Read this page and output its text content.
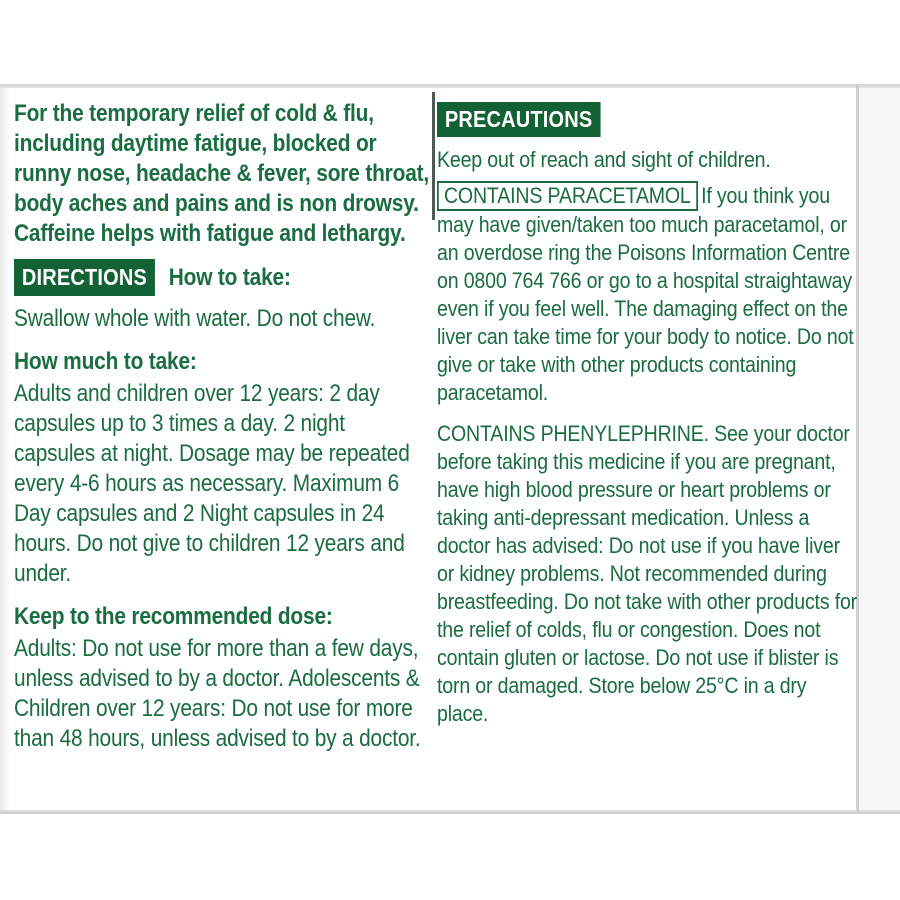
For the temporary relief of cold & flu, including daytime fatigue, blocked or runny nose, headache & fever, sore throat, body aches and pains and is non drowsy. Caffeine helps with fatigue and lethargy.

DIRECTIONS How to take:

Swallow whole with water. Do not chew.

How much to take:

Adults and children over 12 years: 2 day capsules up to 3 times a day. 2 night capsules at night. Dosage may be repeated every 4-6 hours as necessary. Maximum 6 Day capsules and 2 Night capsules in 24 hours. Do not give to children 12 years and under.

Keep to the recommended dose:

Adults: Do not use for more than a few days, unless advised to by a doctor. Adolescents & Children over 12 years: Do not use for more than 48 hours, unless advised to by a doctor.

PRECAUTIONS

Keep out of reach and sight of children.

CONTAINS PARACETAMOL If you think you may have given/taken too much paracetamol, or an overdose ring the Poisons Information Centre on 0800 764 766 or go to a hospital straightaway even if you feel well. The damaging effect on the liver can take time for your body to notice. Do not give or take with other products containing paracetamol.

CONTAINS PHENYLEPHRINE. See your doctor before taking this medicine if you are pregnant, have high blood pressure or heart problems or taking anti-depressant medication. Unless a doctor has advised: Do not use if you have liver or kidney problems. Not recommended during breastfeeding. Do not take with other products for the relief of colds, flu or congestion. Does not contain gluten or lactose. Do not use if blister is torn or damaged. Store below 25°C in a dry place.
